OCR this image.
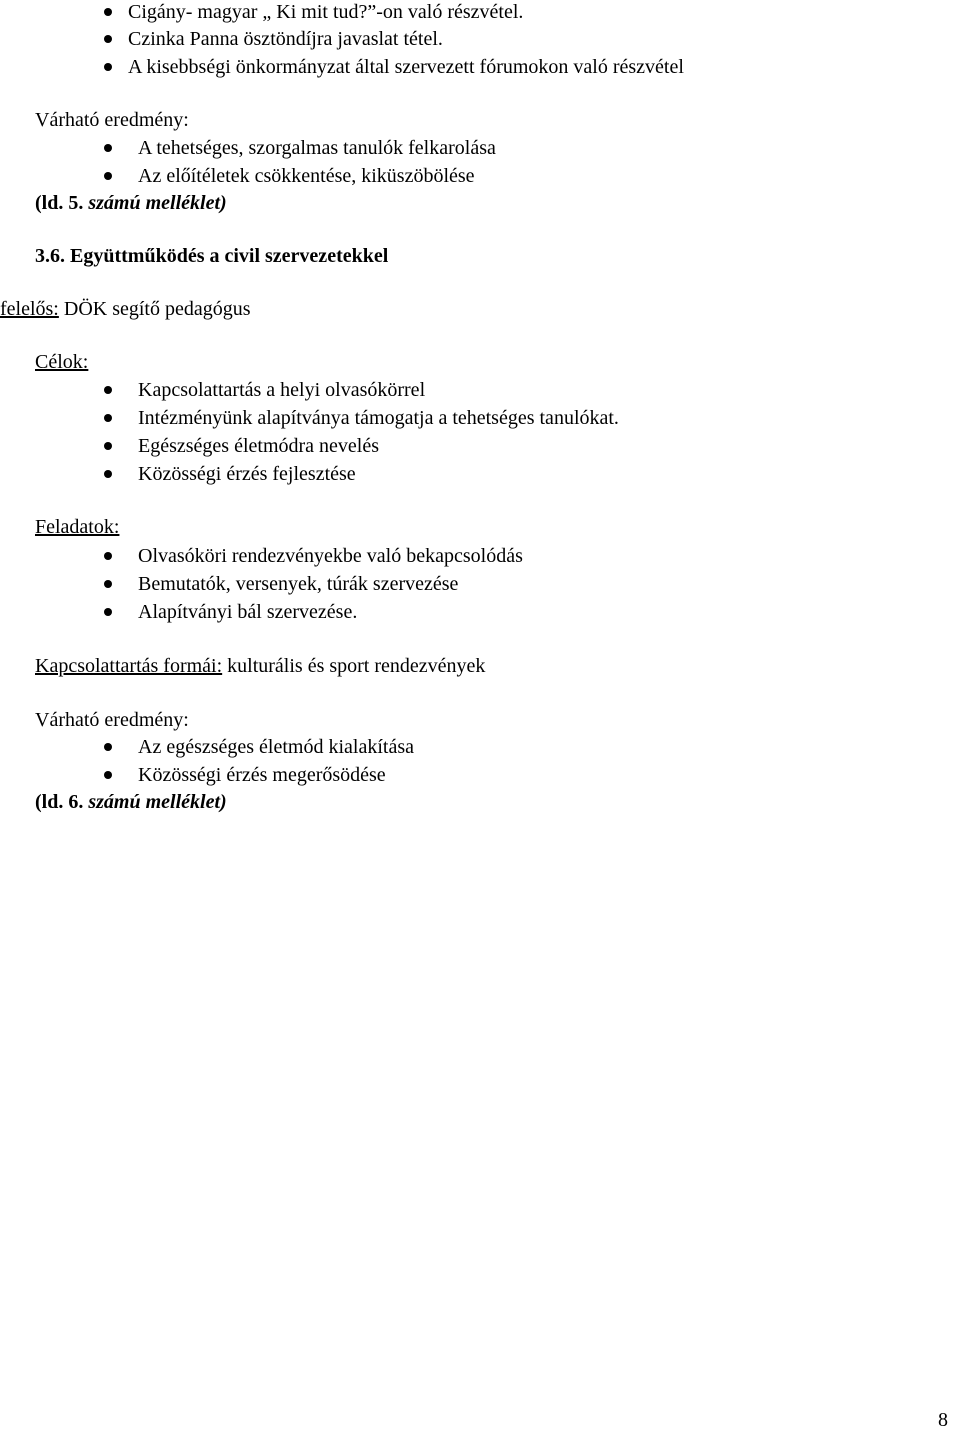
Cigány- magyar „ Ki mit tud?”-on való részvétel.
Czinka Panna ösztöndíjra javaslat tétel.
A kisebbségi önkormányzat által szervezett fórumokon való részvétel
Várható eredmény:
A tehetséges, szorgalmas tanulók felkarolása
Az előítéletek csökkentése, kiküszöbölése
(ld. 5. számú melléklet)
3.6. Együttműködés a civil szervezetekkel
felelős: DÖK segítő pedagógus
Célok:
Kapcsolattartás a helyi olvasókörrel
Intézményünk alapítványa támogatja a tehetséges tanulókat.
Egészséges életmódra nevelés
Közösségi érzés fejlesztése
Feladatok:
Olvasóköri rendezvényekbe való bekapcsolódás
Bemutatók, versenyek, túrák szervezése
Alapítványi bál szervezése.
Kapcsolattartás formái: kulturális és sport rendezvények
Várható eredmény:
Az egészséges életmód kialakítása
Közösségi érzés megerősödése
(ld. 6. számú melléklet)
8
